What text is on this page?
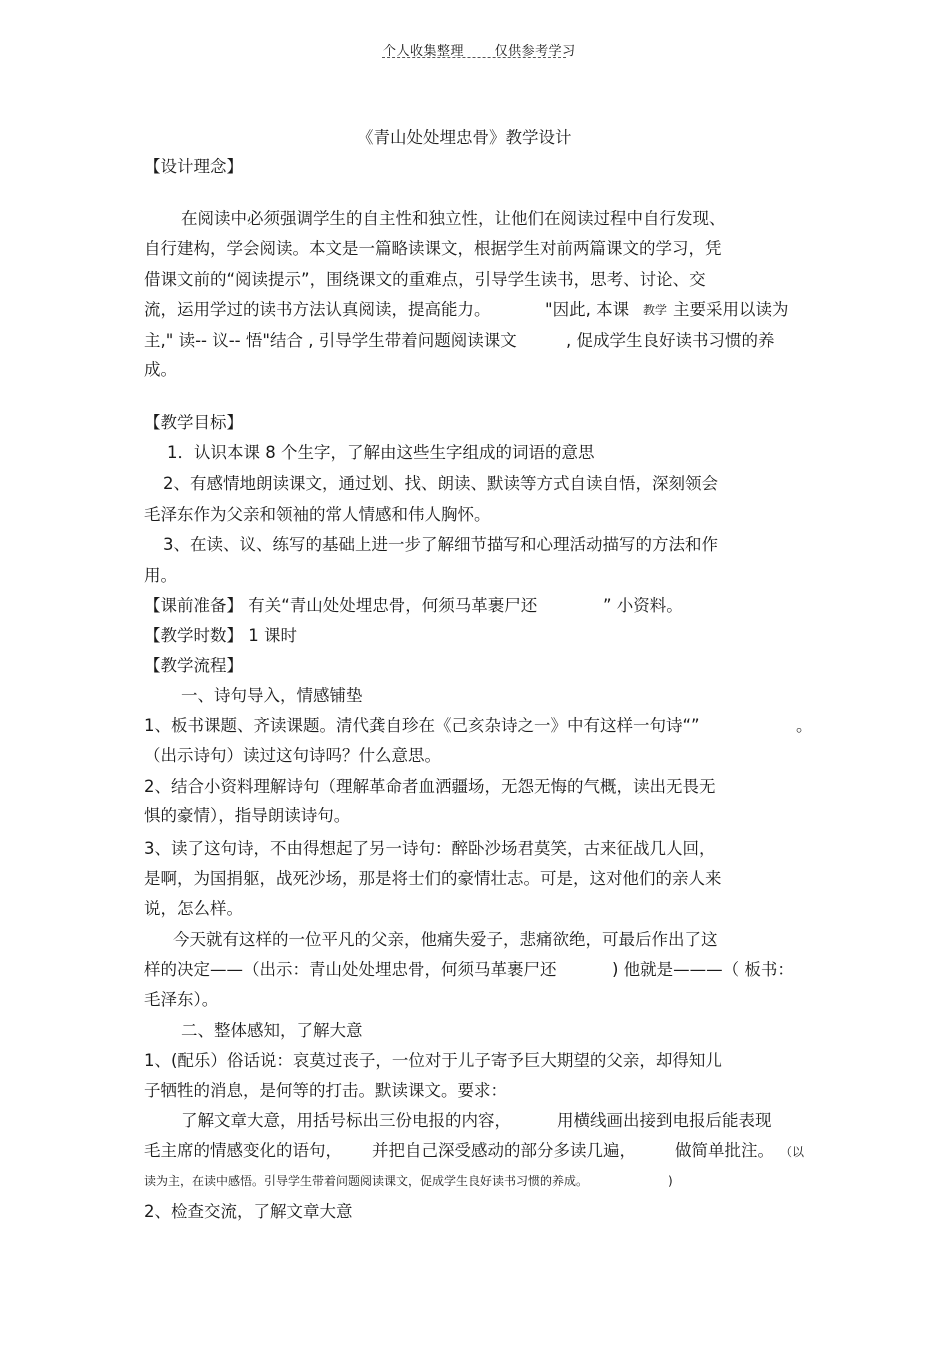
个人收集整理 仅供参考学习
《青山处处埋忠骨》教学设计
【设计理念】
在阅读中必须强调学生的自主性和独立性，让他们在阅读过程中自行发现、
自行建构，学会阅读。本文是一篇略读课文，根据学生对前两篇课文的学习，凭
借课文前的“阅读提示”，围绕课文的重难点，引导学生读书，思考、讨论、交
流，运用学过的读书方法认真阅读，提高能力。	"因此, 本课 教学 主要采用以读为
主," 读-- 议-- 悟"结合 , 引导学生带着问题阅读课文	, 促成学生良好读书习惯的养
成。
【教学目标】
1．认识本课 8 个生字，了解由这些生字组成的词语的意思
2、有感情地朗读课文，通过划、找、朗读、默读等方式自读自悟，深刻领会
毛泽东作为父亲和领袖的常人情感和伟人胸怀。
3、在读、议、练写的基础上进一步了解细节描写和心理活动描写的方法和作
用。
【课前准备】 有关“青山处处埋忠骨，何须马革裹尸还	” 小资料。
【教学时数】 1 课时
【教学流程】
一、诗句导入，情感铺垫
1、板书课题、齐读课题。清代龚自珍在《己亥杂诗之一》中有这样一句诗“”	。
（出示诗句）读过这句诗吗？什么意思。
2、结合小资料理解诗句（理解革命者血洒疆场，无怨无悔的气概，读出无畏无
惧的豪情），指导朗读诗句。
3、读了这句诗，不由得想起了另一诗句：醉卧沙场君莫笑，古来征战几人回，
是啊，为国捐躯，战死沙场，那是将士们的豪情壮志。可是，这对他们的亲人来
说，怎么样。
今天就有这样的一位平凡的父亲，他痛失爱子，悲痛欲绝，可最后作出了这
样的决定——（出示：青山处处埋忠骨，何须马革裹尸还	) 他就是———（ 板书：
毛泽东）。
二、整体感知，了解大意
1、(配乐）俗话说：哀莫过丧子，一位对于儿子寄予巨大期望的父亲，却得知儿
子牺牲的消息，是何等的打击。默读课文。要求：
了解文章大意，用括号标出三份电报的内容，	用横线画出接到电报后能表现
毛主席的情感变化的语句， 并把自己深受感动的部分多读几遍， 做简单批注。 （以
读为主，在读中感悟。引导学生带着问题阅读课文，促成学生良好读书习惯的养成。	)
2、检查交流，了解文章大意
